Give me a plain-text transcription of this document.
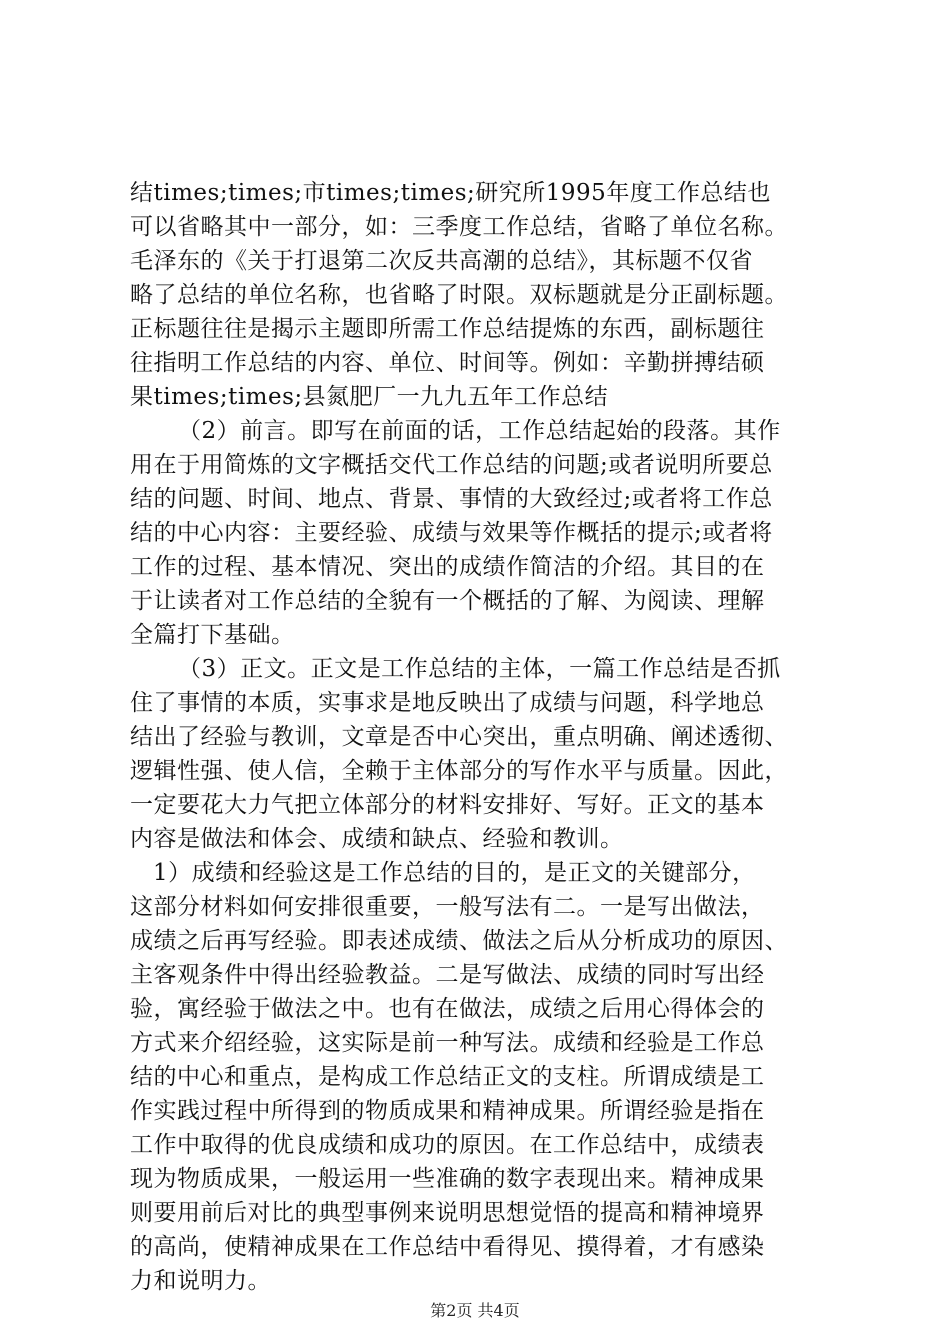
结times;times;市times;times;研究所1995年度工作总结也
可以省略其中一部分，如：三季度工作总结，省略了单位名称。
毛泽东的《关于打退第二次反共高潮的总结》，其标题不仅省
略了总结的单位名称，也省略了时限。双标题就是分正副标题。
正标题往往是揭示主题即所需工作总结提炼的东西，副标题往
往指明工作总结的内容、单位、时间等。例如：辛勤拼搏结硕
果times;times;县氮肥厂一九九五年工作总结
（2）前言。即写在前面的话，工作总结起始的段落。其作
用在于用简炼的文字概括交代工作总结的问题;或者说明所要总
结的问题、时间、地点、背景、事情的大致经过;或者将工作总
结的中心内容：主要经验、成绩与效果等作概括的提示;或者将
工作的过程、基本情况、突出的成绩作简洁的介绍。其目的在
于让读者对工作总结的全貌有一个概括的了解、为阅读、理解
全篇打下基础。
（3）正文。正文是工作总结的主体，一篇工作总结是否抓
住了事情的本质，实事求是地反映出了成绩与问题，科学地总
结出了经验与教训，文章是否中心突出，重点明确、阐述透彻、
逻辑性强、使人信，全赖于主体部分的写作水平与质量。因此，
一定要花大力气把立体部分的材料安排好、写好。正文的基本
内容是做法和体会、成绩和缺点、经验和教训。
1）成绩和经验这是工作总结的目的，是正文的关键部分，
这部分材料如何安排很重要，一般写法有二。一是写出做法，
成绩之后再写经验。即表述成绩、做法之后从分析成功的原因、
主客观条件中得出经验教益。二是写做法、成绩的同时写出经
验，寓经验于做法之中。也有在做法，成绩之后用心得体会的
方式来介绍经验，这实际是前一种写法。成绩和经验是工作总
结的中心和重点，是构成工作总结正文的支柱。所谓成绩是工
作实践过程中所得到的物质成果和精神成果。所谓经验是指在
工作中取得的优良成绩和成功的原因。在工作总结中，成绩表
现为物质成果，一般运用一些准确的数字表现出来。精神成果
则要用前后对比的典型事例来说明思想觉悟的提高和精神境界
的高尚，使精神成果在工作总结中看得见、摸得着，才有感染
力和说明力。
第2页 共4页
